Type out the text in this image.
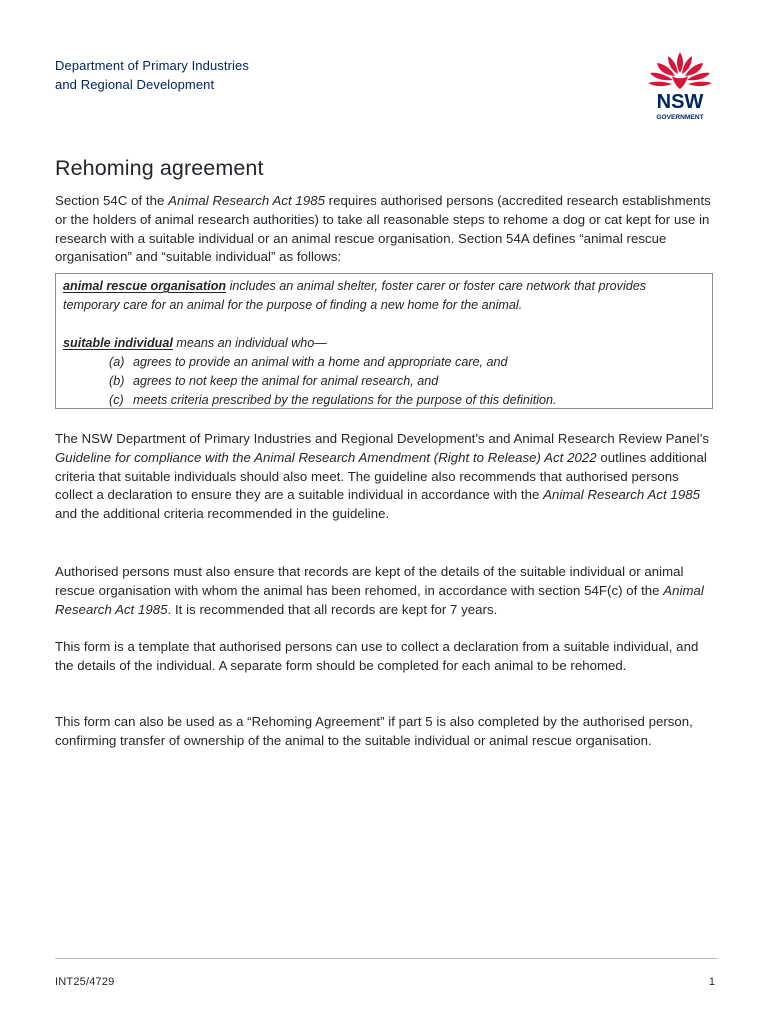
Department of Primary Industries
and Regional Development
NSW
GOVERNMENT
Rehoming agreement

Section 54C of the Animal Research Act 1985 requires authorised persons (accredited research establishments or the holders of animal research authorities) to take all reasonable steps to rehome a dog or cat kept for use in research with a suitable individual or an animal rescue organisation. Section 54A defines “animal rescue organisation” and “suitable individual” as follows:

animal rescue organisation includes an animal shelter, foster carer or foster care network that provides temporary care for an animal for the purpose of finding a new home for the animal.

suitable individual means an individual who—

(a) agrees to provide an animal with a home and appropriate care, and

(b) agrees to not keep the animal for animal research, and

(c) meets criteria prescribed by the regulations for the purpose of this definition.

The NSW Department of Primary Industries and Regional Development’s and Animal Research Review Panel’s Guideline for compliance with the Animal Research Amendment (Right to Release) Act 2022 outlines additional criteria that suitable individuals should also meet. The guideline also recommends that authorised persons collect a declaration to ensure they are a suitable individual in accordance with the Animal Research Act 1985 and the additional criteria recommended in the guideline.

Authorised persons must also ensure that records are kept of the details of the suitable individual or animal rescue organisation with whom the animal has been rehomed, in accordance with section 54F(c) of the Animal Research Act 1985. It is recommended that all records are kept for 7 years.

This form is a template that authorised persons can use to collect a declaration from a suitable individual, and the details of the individual. A separate form should be completed for each animal to be rehomed.

This form can also be used as a “Rehoming Agreement” if part 5 is also completed by the authorised person, confirming transfer of ownership of the animal to the suitable individual or animal rescue organisation.

INT25/4729	1
